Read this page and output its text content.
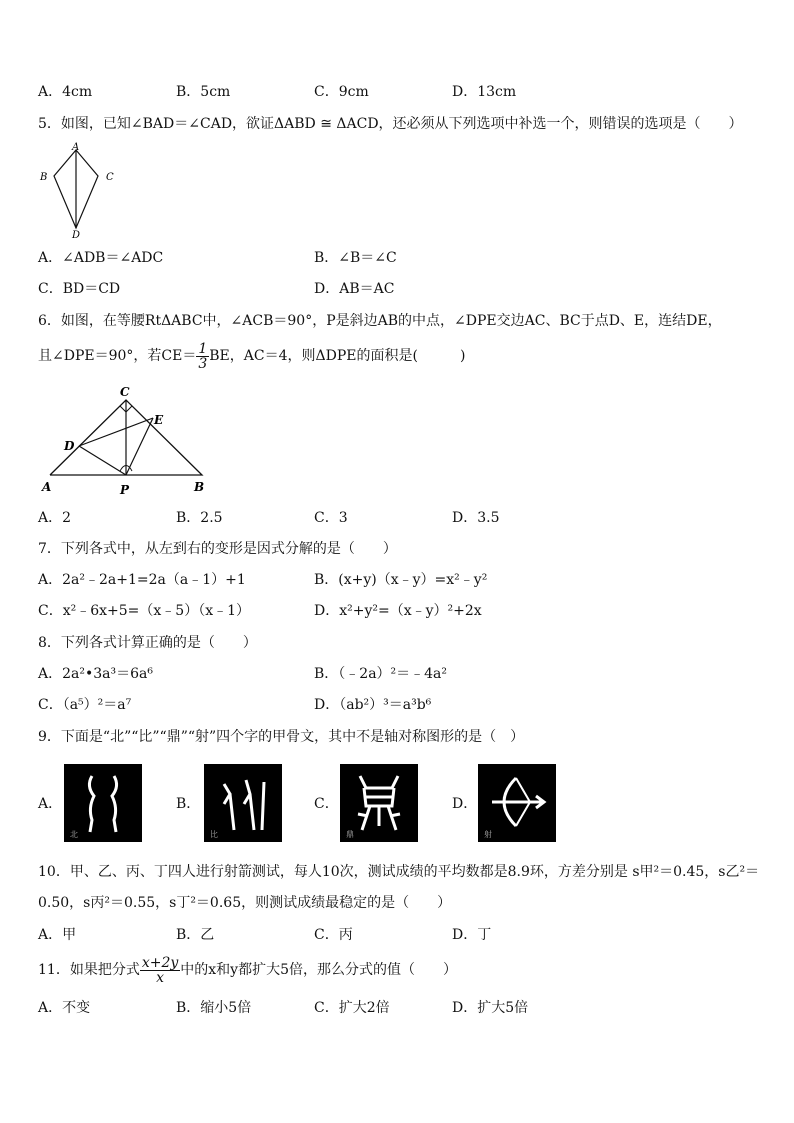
A．4cm	B．5cm	C．9cm	D．13cm
5．如图，已知∠BAD＝∠CAD，欲证ΔABD ≅ ΔACD，还必须从下列选项中补选一个，则错误的选项是（　　）
A
B	C
D
A．∠ADB＝∠ADC	B．∠B＝∠C
C．BD＝CD	D．AB＝AC
6．如图，在等腰RtΔABC中，∠ACB＝90°，P是斜边AB的中点，∠DPE交边AC、BC于点D、E，连结DE，
且∠DPE＝90°，若$CE= \frac{1}{3}$ BE，AC＝4，则ΔDPE的面积是(　　　)
C
E
D
A	P	B
A．2	B．2.5	C．3	D．3.5
7．下列各式中，从左到右的变形是因式分解的是（　　）
A．2a²﹣2a+1=2a（a﹣1）+1	B．(x+y)（x﹣y）=x²﹣y²
C．x²﹣6x+5=（x﹣5）（x﹣1）	D．x²+y²=（x﹣y）²+2x
8．下列各式计算正确的是（　　）
A．2a²•3a³＝6a⁶	B．（﹣2a）²＝﹣4a²
C．（a⁵）²＝a⁷	D．（ab²）³＝a³b⁶
9．下面是“北”“比”“鼎”“射”四个字的甲骨文，其中不是轴对称图形的是（　）
A．
北
B．
比
C．
鼎
D．
射
10．甲、乙、丙、丁四人进行射箭测试，每人10次，测试成绩的平均数都是8.9环，方差分别是 s甲²＝0.45，s乙²＝
0.50，s丙²＝0.55，s丁²＝0.65，则测试成绩最稳定的是（　　）
A．甲	B．乙	C．丙	D．丁
11．如果把分式 $\frac{x+2y}{x}$ 中的x和y都扩大5倍，那么分式的值（　　）
A．不变	B．缩小5倍	C．扩大2倍	D．扩大5倍
